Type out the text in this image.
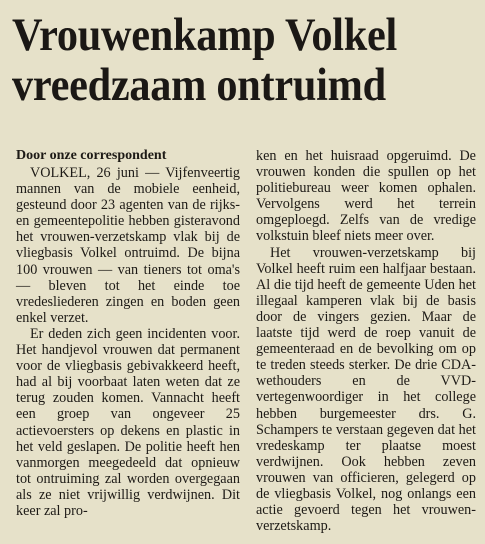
Vrouwenkamp Volkel
vreedzaam ontruimd
Door onze correspondent

VOLKEL, 26 juni — Vijfenveertig mannen van de mobiele eenheid, gesteund door 23 agenten van de rijks- en gemeentepolitie hebben gisteravond het vrouwen-verzetskamp vlak bij de vliegbasis Volkel ontruimd. De bijna 100 vrouwen — van tieners tot oma's — bleven tot het einde toe vredesliederen zingen en boden geen enkel verzet.

Er deden zich geen incidenten voor. Het handjevol vrouwen dat permanent voor de vliegbasis gebivakkeerd heeft, had al bij voorbaat laten weten dat ze terug zouden komen. Vannacht heeft een groep van ongeveer 25 actievoersters op dekens en plastic in het veld geslapen. De politie heeft hen vanmorgen meegedeeld dat opnieuw tot ontruiming zal worden overgegaan als ze niet vrijwillig verdwijnen. Dit keer zal pro-

ken en het huisraad opgeruimd. De vrouwen konden die spullen op het politiebureau weer komen ophalen. Vervolgens werd het terrein omgeploegd. Zelfs van de vredige volkstuin bleef niets meer over.

Het vrouwen-verzetskamp bij Volkel heeft ruim een halfjaar bestaan. Al die tijd heeft de gemeente Uden het illegaal kamperen vlak bij de basis door de vingers gezien. Maar de laatste tijd werd de roep vanuit de gemeenteraad en de bevolking om op te treden steeds sterker. De drie CDA-wethouders en de VVD-vertegenwoordiger in het college hebben burgemeester drs. G. Schampers te verstaan gegeven dat het vredeskamp ter plaatse moest verdwijnen. Ook hebben zeven vrouwen van officieren, gelegerd op de vliegbasis Volkel, nog onlangs een actie gevoerd tegen het vrouwen-verzetskamp.
